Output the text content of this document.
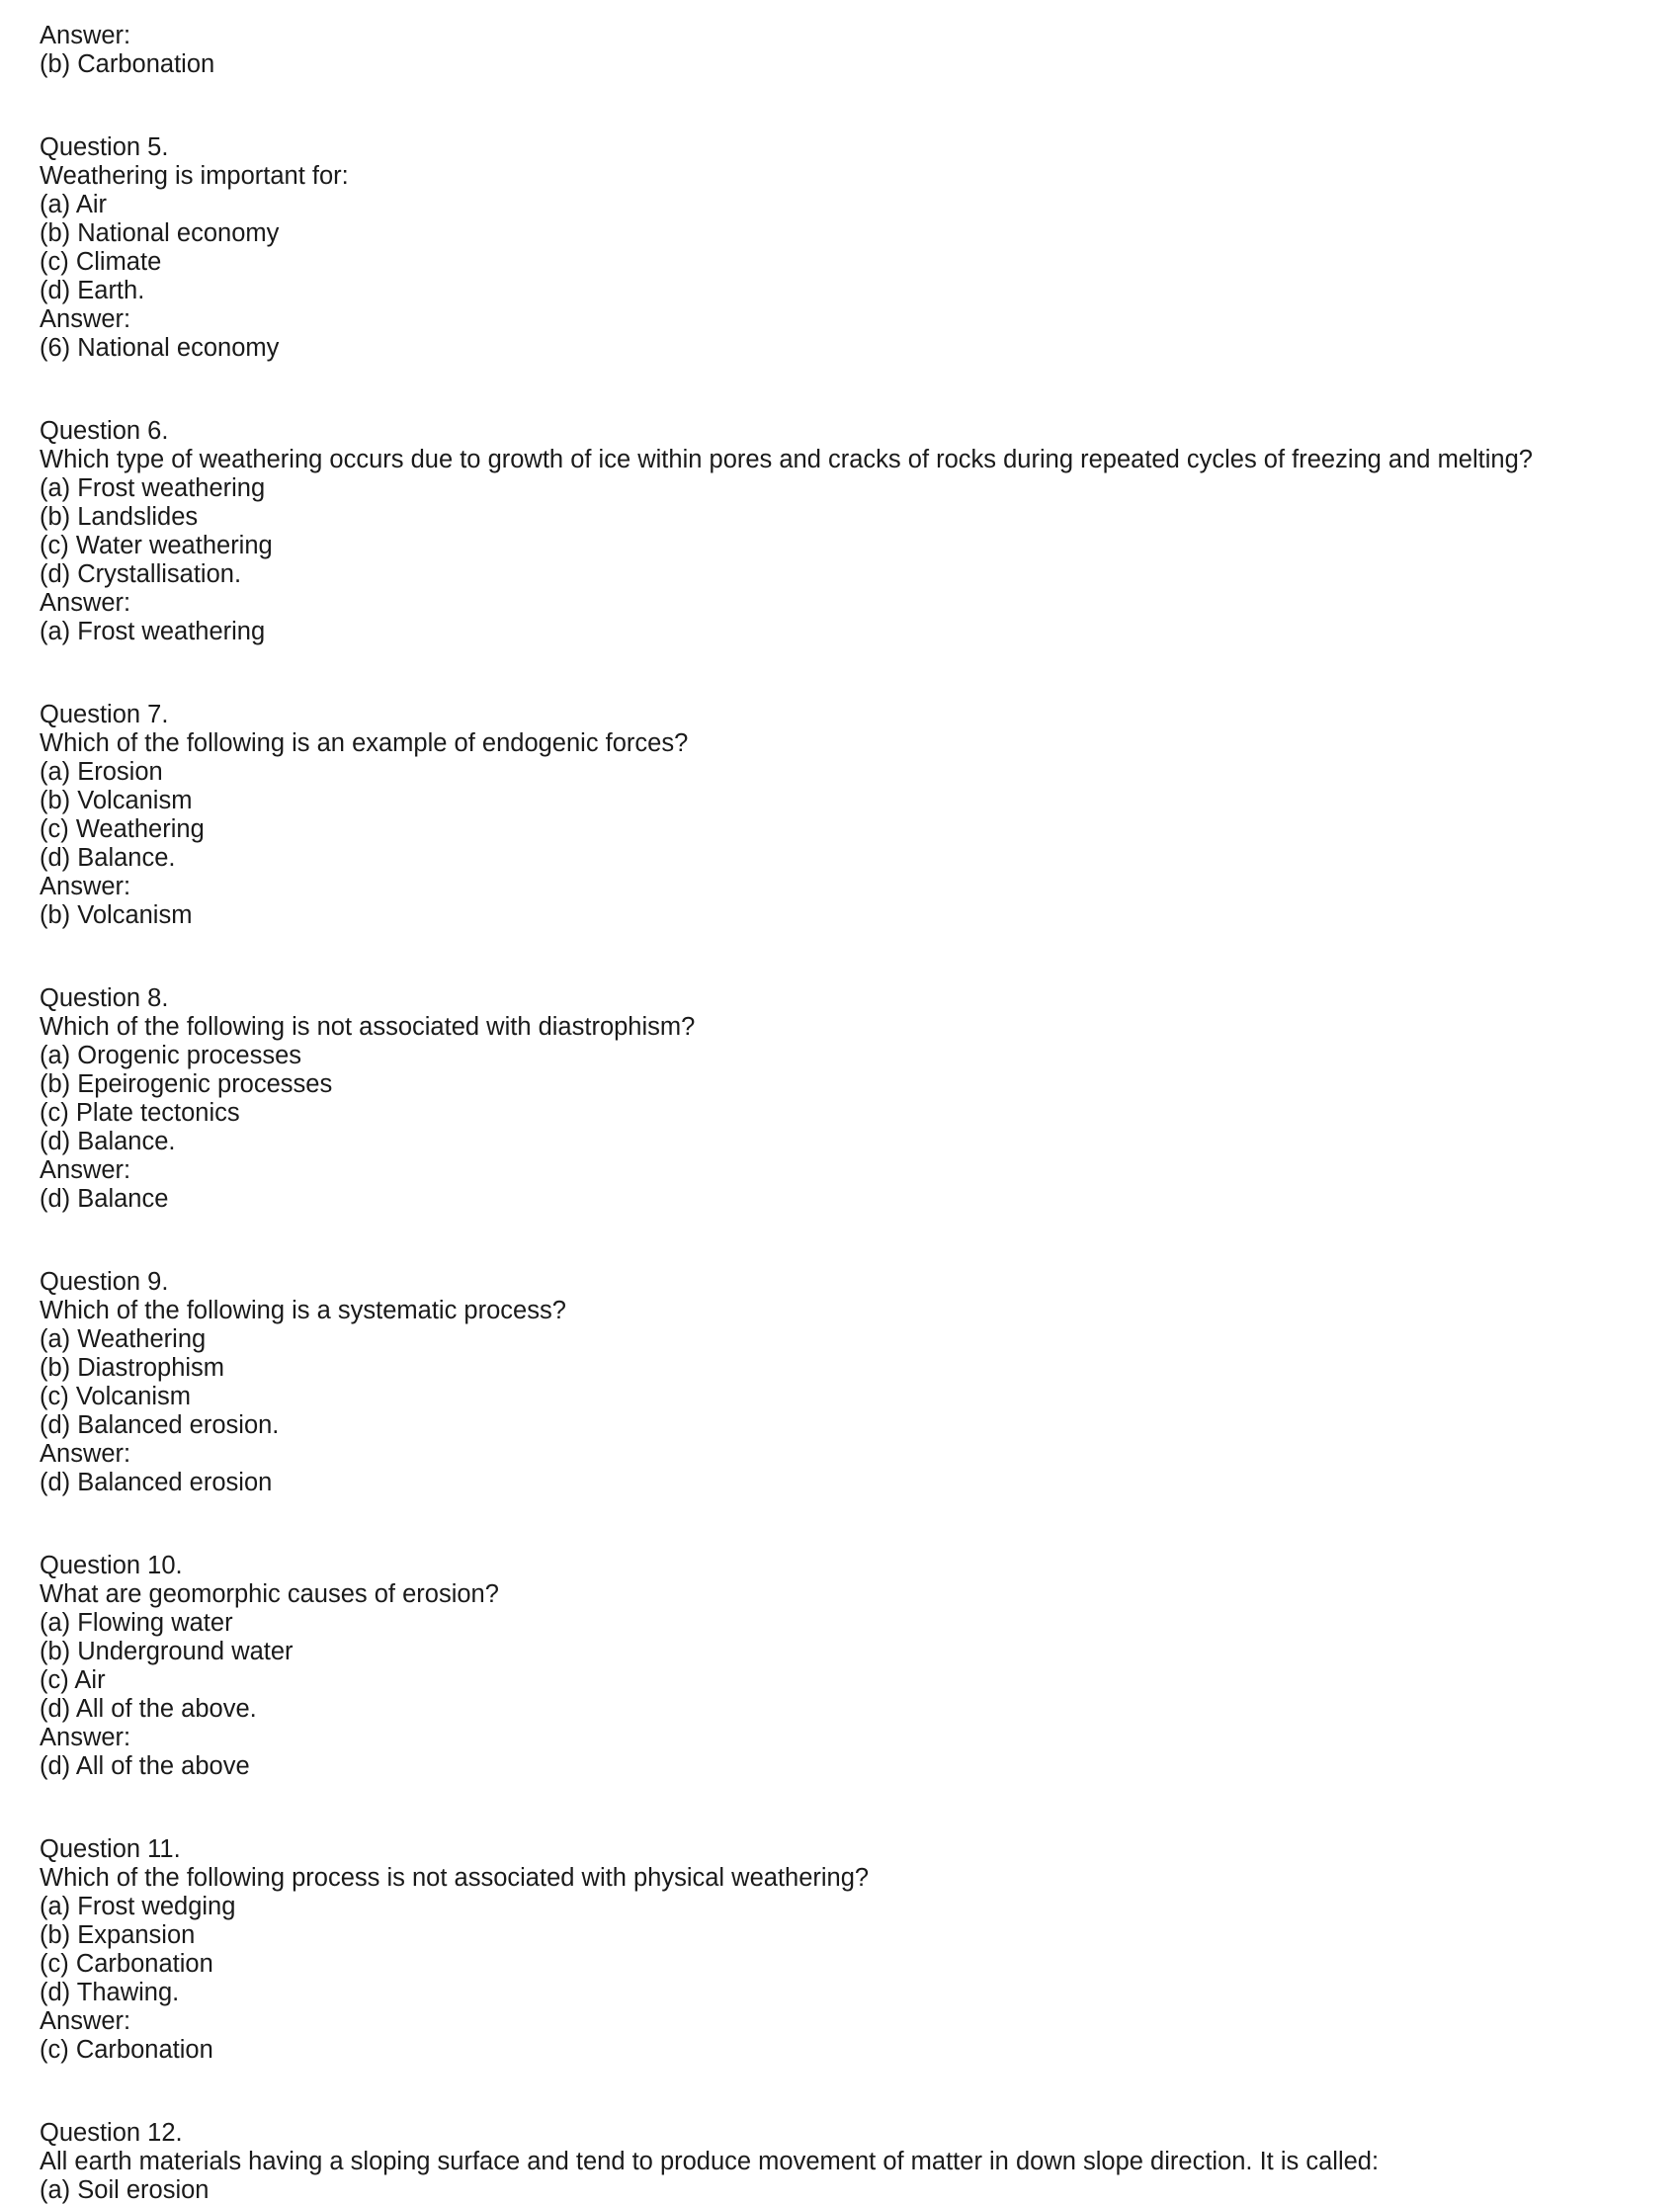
Answer:
(b) Carbonation
Question 5.
Weathering is important for:
(a) Air
(b) National economy
(c) Climate
(d) Earth.
Answer:
(6) National economy
Question 6.
Which type of weathering occurs due to growth of ice within pores and cracks of rocks during repeated cycles of freezing and melting?
(a) Frost weathering
(b) Landslides
(c) Water weathering
(d) Crystallisation.
Answer:
(a) Frost weathering
Question 7.
Which of the following is an example of endogenic forces?
(a) Erosion
(b) Volcanism
(c) Weathering
(d) Balance.
Answer:
(b) Volcanism
Question 8.
Which of the following is not associated with diastrophism?
(a) Orogenic processes
(b) Epeirogenic processes
(c) Plate tectonics
(d) Balance.
Answer:
(d) Balance
Question 9.
Which of the following is a systematic process?
(a) Weathering
(b) Diastrophism
(c) Volcanism
(d) Balanced erosion.
Answer:
(d) Balanced erosion
Question 10.
What are geomorphic causes of erosion?
(a) Flowing water
(b) Underground water
(c) Air
(d) All of the above.
Answer:
(d) All of the above
Question 11.
Which of the following process is not associated with physical weathering?
(a) Frost wedging
(b) Expansion
(c) Carbonation
(d) Thawing.
Answer:
(c) Carbonation
Question 12.
All earth materials having a sloping surface and tend to produce movement of matter in down slope direction. It is called:
(a) Soil erosion
